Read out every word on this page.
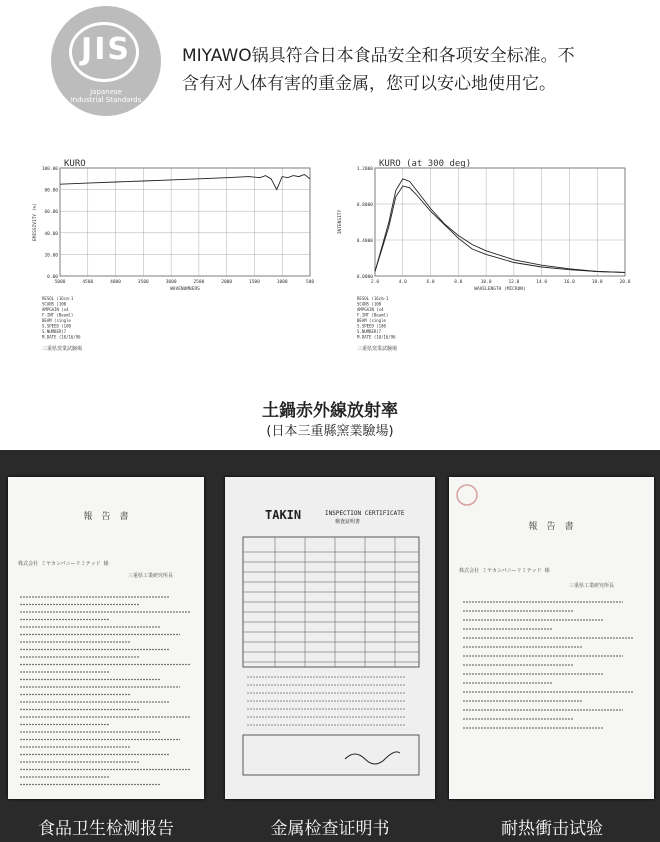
JIS
Japanese
Industrial Standards
MIYAWO锅具符合日本食品安全和各项安全标准。不
含有对人体有害的重金属，您可以安心地使用它。
KURO
5000	4500	4000	3500	3000	2500	2000	1500	1000	500
100.00
80.00
60.00
40.00
20.00
0.00
WAVENUMBERS
EMISSIVITY (%)
RESOL (16cm-1
SCANS (100
AMPGAIN (x4
F.INT (Beaml)
BEAM (single
S.SPEED (100
S.NUMBER(7
M.DATE (10/16/96
三重県窯業試験場
KURO (at 300 deg)
2.0	4.0	6.0	8.0	10.0	12.0	14.0	16.0	18.0	20.0
1.2000
0.8000
0.4000
0.0000
WAVELENGTH (MICRON)
INTENSITY
RESOL (16cm-1
SCANS (100
AMPGAIN (x4
F.INT (Beaml)
BEAM (single
S.SPEED (100
S.NUMBER(7
M.DATE (10/16/96
三重県窯業試験場
土鍋赤外線放射率
(日本三重縣窯業驗場)
報　告　書
株式会社 ミヤカンパニーリミテッド 様
三重県工業研究所長
TAKIN	INSPECTION CERTIFICATE
検査証明書	報　告　書
株式会社 ミヤカンパニーリミテッド 様
三重県工業研究所長
食品卫生检测报告	金属检查证明书	耐热衝击试验
